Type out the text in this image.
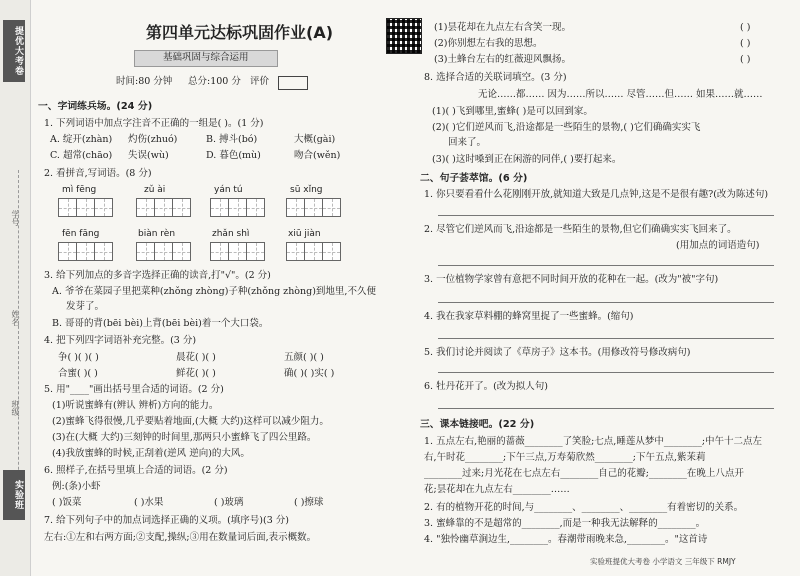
提优大考卷
学号
姓名
班级
实验班
第四单元达标巩固作业(A)
基础巩固与综合运用
时间:80 分钟 总分:100 分 评价
一、字词练兵场。(24 分)
1. 下列词语中加点字注音不正确的一组是( )。(1 分)
A. 绽开(zhàn) 灼伤(zhuó)	B. 搏斗(bó)	大概(gài)
C. 超常(chāo) 失误(wù)	D. 暮色(mù)	吻合(wěn)
2. 看拼音,写词语。(8 分)
mì fēng	zǔ ài	yán tú	sū xǐng
fēn fāng	biàn rèn	zhǎn shì	xiū jiàn
3. 给下列加点的多音字选择正确的读音,打"√"。(2 分)
A. 爷爷在菜园子里把菜种(zhǒng zhòng)子种(zhǒng zhòng)到地里,不久便
发芽了。
B. 哥哥的背(bēi bèi)上背(bēi bèi)着一个大口袋。
4. 把下列四字词语补充完整。(3 分)
争( )( )( )	晨花( )( )	五颜( )( )
合蜜( )( )	鲜花( )( )	确( )( )实( )
5. 用"____"画出括号里合适的词语。(2 分)
(1)听说蜜蜂有(辨认 辨析)方向的能力。
(2)蜜蜂飞得很慢,几乎要贴着地面,(大概 大约)这样可以减少阻力。
(3)在(大概 大约)三刻钟的时间里,那两只小蜜蜂飞了四公里路。
(4)我放蜜蜂的时候,正刮着(逆风 逆向)的大风。
6. 照样子,在括号里填上合适的词语。(2 分)
例:(条)小虾
( )饭菜	( )水果	( )玻璃	( )擦球
7. 给下列句子中的加点词选择正确的义项。(填序号)(3 分)
左右:①左和右两方面;②支配,操纵;③用在数量词后面,表示概数。
(1)昙花却在九点左右含笑一现。	( )
(2)你别想左右我的思想。	( )
(3)土蜂台左右的红薇迎风飘扬。	( )
8. 选择合适的关联词填空。(3 分)
无论……都…… 因为……所以…… 尽管……但…… 如果……就……
(1)( )飞到哪里,蜜蜂( )是可以回到家。
(2)( )它们逆风而飞,沿途都是一些陌生的景物,( )它们确确实实飞
回来了。
(3)( )这时嗓到正在闲游的同伴,( )要打起来。
二、句子荟萃馆。(6 分)
1. 你只要看看什么花刚刚开放,就知道大致是几点钟,这是不是很有趣?(改为陈述句)
2. 尽管它们逆风而飞,沿途都是一些陌生的景物,但它们确确实实飞回来了。
(用加点的词语造句)
3. 一位植物学家曾有意把不同时间开放的花种在一起。(改为"被"字句)
4. 我在我家草料棚的蜂窝里捉了一些蜜蜂。(缩句)
5. 我们讨论并阅读了《草房子》这本书。(用修改符号修改病句)
6. 牡丹花开了。(改为拟人句)
三、课本链接吧。(22 分)
1. 五点左右,艳丽的蔷薇________了笑脸;七点,睡莲从梦中________;中午十二点左
右,午时花________;下午三点,万寿菊欣然________;下午五点,紫茉莉
________过来;月光花在七点左右________自己的花瓣;________在晚上八点开
花;昙花却在九点左右________……
2. 有的植物开花的时间,与________、________、________有着密切的关系。
3. 蜜蜂靠的不是超常的________,而是一种我无法解释的________。
4. "独怜幽草涧边生,________。春潮带雨晚来急,________。"这首诗
实验班提优大考卷 小学语文 三年级下 RMJY
